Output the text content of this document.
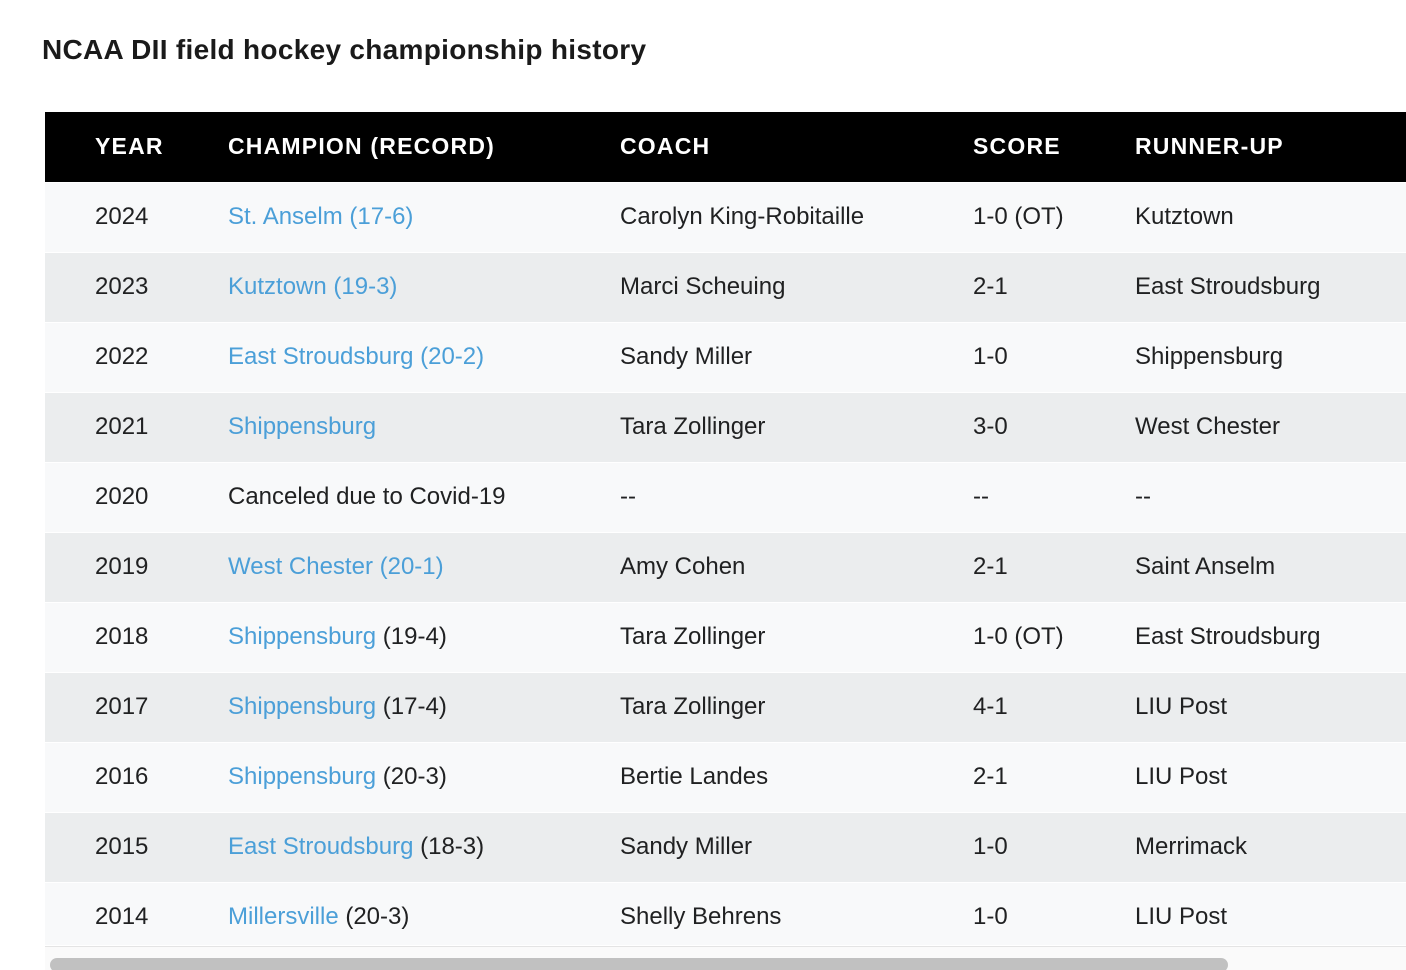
NCAA DII field hockey championship history
YEAR	CHAMPION (RECORD)	COACH	SCORE	RUNNER-UP
2024	St. Anselm (17-6)	Carolyn King-Robitaille	1-0 (OT)	Kutztown
2023	Kutztown (19-3)	Marci Scheuing	2-1	East Stroudsburg
2022	East Stroudsburg (20-2)	Sandy Miller	1-0	Shippensburg
2021	Shippensburg	Tara Zollinger	3-0	West Chester
2020	Canceled due to Covid-19	--	--	--
2019	West Chester (20-1)	Amy Cohen	2-1	Saint Anselm
2018	Shippensburg (19-4)	Tara Zollinger	1-0 (OT)	East Stroudsburg
2017	Shippensburg (17-4)	Tara Zollinger	4-1	LIU Post
2016	Shippensburg (20-3)	Bertie Landes	2-1	LIU Post
2015	East Stroudsburg (18-3)	Sandy Miller	1-0	Merrimack
2014	Millersville (20-3)	Shelly Behrens	1-0	LIU Post
